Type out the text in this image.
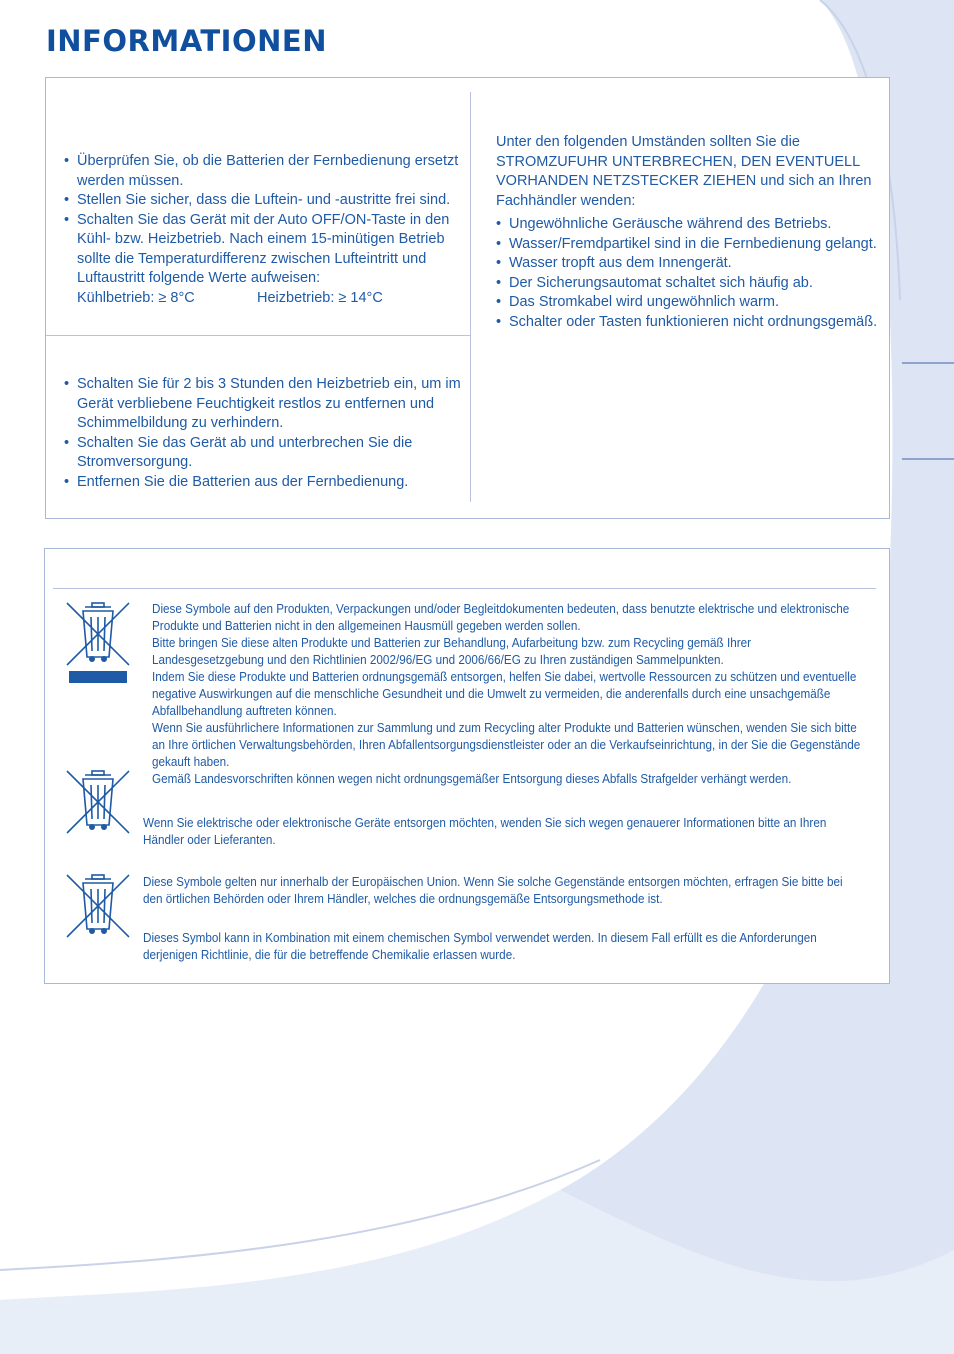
INFORMATIONEN
• Überprüfen Sie, ob die Batterien der Fernbedienung ersetzt werden müssen.
• Stellen Sie sicher, dass die Luftein- und -austritte frei sind.
• Schalten Sie das Gerät mit der Auto OFF/ON-Taste in den Kühl- bzw. Heizbetrieb. Nach einem 15-minütigen Betrieb sollte die Temperaturdifferenz zwischen Lufteintritt und Luftaustritt folgende Werte aufweisen:
Kühlbetrieb: ≥ 8°C	Heizbetrieb: ≥ 14°C
• Schalten Sie für 2 bis 3 Stunden den Heizbetrieb ein, um im Gerät verbliebene Feuchtigkeit restlos zu entfernen und Schimmelbildung zu verhindern.
• Schalten Sie das Gerät ab und unterbrechen Sie die Stromversorgung.
• Entfernen Sie die Batterien aus der Fernbedienung.
Unter den folgenden Umständen sollten Sie die STROMZUFUHR UNTERBRECHEN, DEN EVENTUELL VORHANDEN NETZSTECKER ZIEHEN und sich an Ihren Fachhändler wenden:
• Ungewöhnliche Geräusche während des Betriebs.
• Wasser/Fremdpartikel sind in die Fernbedienung gelangt.
• Wasser tropft aus dem Innengerät.
• Der Sicherungsautomat schaltet sich häufig ab.
• Das Stromkabel wird ungewöhnlich warm.
• Schalter oder Tasten funktionieren nicht ordnungsgemäß.

Diese Symbole auf den Produkten, Verpackungen und/oder Begleitdokumenten bedeuten, dass benutzte elektrische und elektronische Produkte und Batterien nicht in den allgemeinen Hausmüll gegeben werden sollen.

Bitte bringen Sie diese alten Produkte und Batterien zur Behandlung, Aufarbeitung bzw. zum Recycling gemäß Ihrer Landesgesetzgebung und den Richtlinien 2002/96/EG und 2006/66/EG zu Ihren zuständigen Sammelpunkten.

Indem Sie diese Produkte und Batterien ordnungsgemäß entsorgen, helfen Sie dabei, wertvolle Ressourcen zu schützen und eventuelle negative Auswirkungen auf die menschliche Gesundheit und die Umwelt zu vermeiden, die anderenfalls durch eine unsachgemäße Abfallbehandlung auftreten können.

Wenn Sie ausführlichere Informationen zur Sammlung und zum Recycling alter Produkte und Batterien wünschen, wenden Sie sich bitte an Ihre örtlichen Verwaltungsbehörden, Ihren Abfallentsorgungsdienstleister oder an die Verkaufseinrichtung, in der Sie die Gegenstände gekauft haben.

Gemäß Landesvorschriften können wegen nicht ordnungsgemäßer Entsorgung dieses Abfalls Strafgelder verhängt werden.

Wenn Sie elektrische oder elektronische Geräte entsorgen möchten, wenden Sie sich wegen genauerer Informationen bitte an Ihren Händler oder Lieferanten.
Diese Symbole gelten nur innerhalb der Europäischen Union. Wenn Sie solche Gegenstände entsorgen möchten, erfragen Sie bitte bei den örtlichen Behörden oder Ihrem Händler, welches die ordnungsgemäße Entsorgungsmethode ist.
Dieses Symbol kann in Kombination mit einem chemischen Symbol verwendet werden. In diesem Fall erfüllt es die Anforderungen derjenigen Richtlinie, die für die betreffende Chemikalie erlassen wurde.
